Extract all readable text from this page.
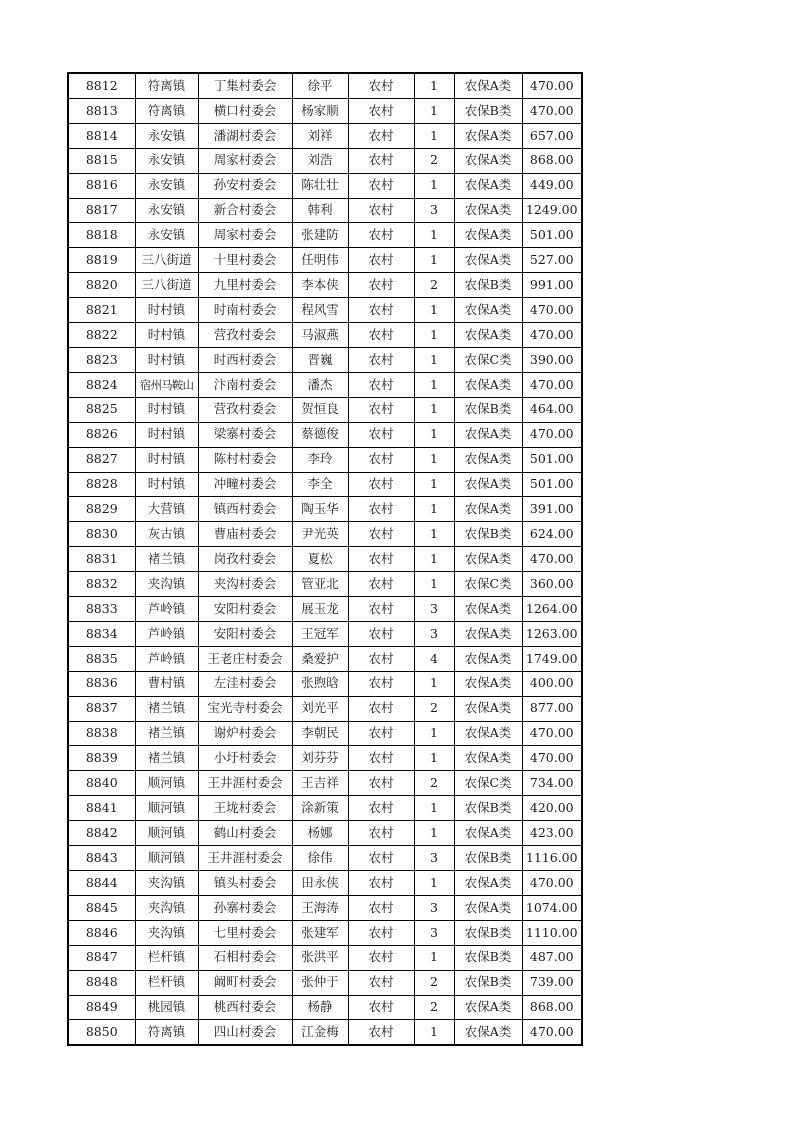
8812	符离镇	丁集村委会	徐平	农村	1	农保A类	470.00
8813	符离镇	横口村委会	杨家顺	农村	1	农保B类	470.00
8814	永安镇	潘湖村委会	刘祥	农村	1	农保A类	657.00
8815	永安镇	周家村委会	刘浩	农村	2	农保A类	868.00
8816	永安镇	孙安村委会	陈壮壮	农村	1	农保A类	449.00
8817	永安镇	新合村委会	韩利	农村	3	农保A类	1249.00
8818	永安镇	周家村委会	张建防	农村	1	农保A类	501.00
8819	三八街道	十里村委会	任明伟	农村	1	农保A类	527.00
8820	三八街道	九里村委会	李本侠	农村	2	农保B类	991.00
8821	时村镇	时南村委会	程风雪	农村	1	农保A类	470.00
8822	时村镇	营孜村委会	马淑燕	农村	1	农保A类	470.00
8823	时村镇	时西村委会	晋巍	农村	1	农保C类	390.00
8824	宿州马鞍山	汴南村委会	潘杰	农村	1	农保A类	470.00
8825	时村镇	营孜村委会	贺恒良	农村	1	农保B类	464.00
8826	时村镇	梁寨村委会	蔡德俊	农村	1	农保A类	470.00
8827	时村镇	陈村村委会	李玲	农村	1	农保A类	501.00
8828	时村镇	冲疃村委会	李全	农村	1	农保A类	501.00
8829	大营镇	镇西村委会	陶玉华	农村	1	农保A类	391.00
8830	灰古镇	曹庙村委会	尹光英	农村	1	农保B类	624.00
8831	褚兰镇	岗孜村委会	夏松	农村	1	农保A类	470.00
8832	夹沟镇	夹沟村委会	管亚北	农村	1	农保C类	360.00
8833	芦岭镇	安阳村委会	展玉龙	农村	3	农保A类	1264.00
8834	芦岭镇	安阳村委会	王冠军	农村	3	农保A类	1263.00
8835	芦岭镇	王老庄村委会	桑爱护	农村	4	农保A类	1749.00
8836	曹村镇	左洼村委会	张煦晗	农村	1	农保A类	400.00
8837	褚兰镇	宝光寺村委会	刘光平	农村	2	农保A类	877.00
8838	褚兰镇	谢炉村委会	李朝民	农村	1	农保A类	470.00
8839	褚兰镇	小圩村委会	刘芬芬	农村	1	农保A类	470.00
8840	顺河镇	王井涯村委会	王吉祥	农村	2	农保C类	734.00
8841	顺河镇	王垅村委会	涂新策	农村	1	农保B类	420.00
8842	顺河镇	鹤山村委会	杨娜	农村	1	农保A类	423.00
8843	顺河镇	王井涯村委会	徐伟	农村	3	农保B类	1116.00
8844	夹沟镇	镇头村委会	田永侠	农村	1	农保A类	470.00
8845	夹沟镇	孙寨村委会	王海涛	农村	3	农保A类	1074.00
8846	夹沟镇	七里村委会	张建军	农村	3	农保B类	1110.00
8847	栏杆镇	石相村委会	张洪平	农村	1	农保B类	487.00
8848	栏杆镇	阚町村委会	张仲于	农村	2	农保B类	739.00
8849	桃园镇	桃西村委会	杨静	农村	2	农保A类	868.00
8850	符离镇	四山村委会	江金梅	农村	1	农保A类	470.00
